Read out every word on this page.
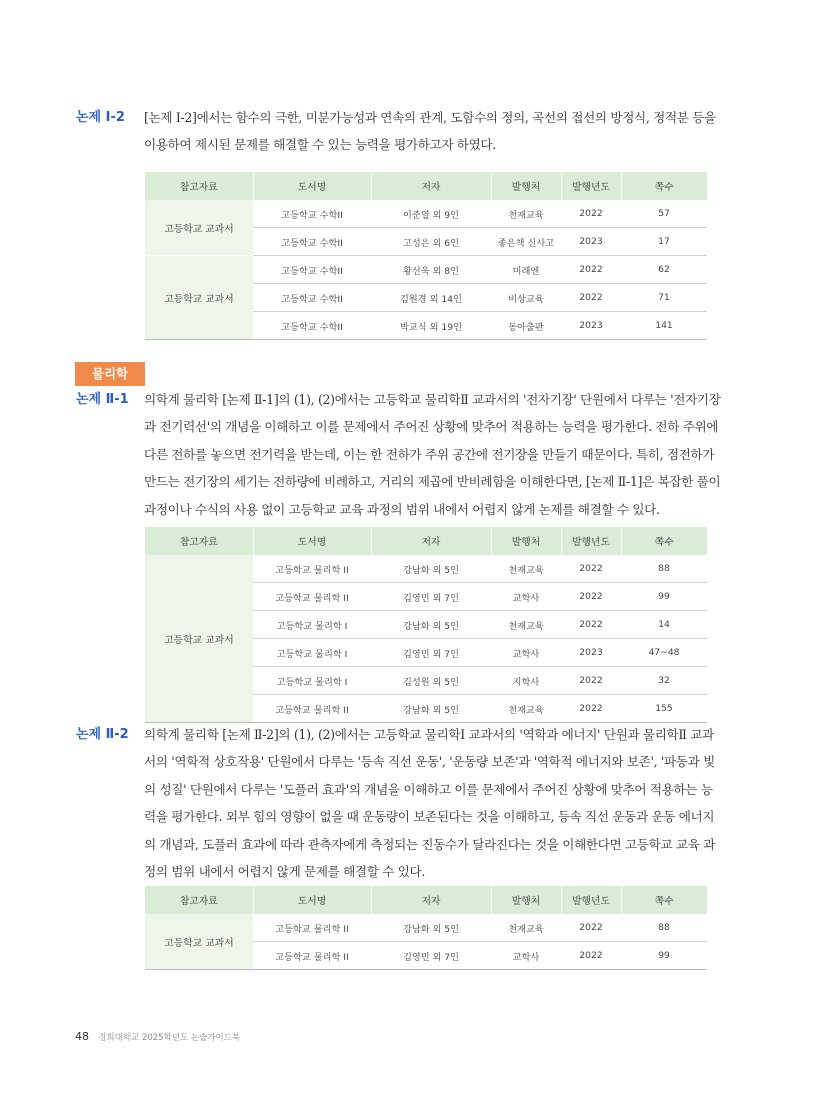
논제 Ⅰ-2	[논제 Ⅰ-2]에서는 함수의 극한, 미분가능성과 연속의 관계, 도함수의 정의, 곡선의 접선의 방정식, 정적분 등을
이용하여 제시된 문제를 해결할 수 있는 능력을 평가하고자 하였다.
참고자료	도서명	저자	발행처	발행년도	쪽수
고등학교 교과서	고등학교 수학II	이준열 외 9인	천재교육	2022	57
	고등학교 수학II	고성은 외 6인	좋은책 신사고	2023	17
고등학교 교과서	고등학교 수학II	황선욱 외 8인	미래엔	2022	62
	고등학교 수학II	김원경 외 14인	비상교육	2022	71
	고등학교 수학II	박교식 외 19인	동아출판	2023	141
물리학
논제 Ⅱ-1	의학계 물리학 [논제 Ⅱ-1]의 (1), (2)에서는 고등학교 물리학Ⅱ 교과서의 '전자기장' 단원에서 다루는 '전자기장
과 전기력선'의 개념을 이해하고 이를 문제에서 주어진 상황에 맞추어 적용하는 능력을 평가한다. 전하 주위에
다른 전하를 놓으면 전기력을 받는데, 이는 한 전하가 주위 공간에 전기장을 만들기 때문이다. 특히, 점전하가
만드는 전기장의 세기는 전하량에 비례하고, 거리의 제곱에 반비례함을 이해한다면, [논제 Ⅱ-1]은 복잡한 풀이
과정이나 수식의 사용 없이 고등학교 교육 과정의 범위 내에서 어렵지 않게 논제를 해결할 수 있다.
참고자료	도서명	저자	발행처	발행년도	쪽수
고등학교 교과서	고등학교 물리학 II	강남화 외 5인	천재교육	2022	88
	고등학교 물리학 II	김영민 외 7인	교학사	2022	99
	고등학교 물리학 I	강남화 외 5인	천재교육	2022	14
	고등학교 물리학 I	김영민 외 7인	교학사	2023	47~48
	고등학교 물리학 I	김성원 외 5인	지학사	2022	32
	고등학교 물리학 II	강남화 외 5인	천재교육	2022	155
논제 Ⅱ-2	의학계 물리학 [논제 Ⅱ-2]의 (1), (2)에서는 고등학교 물리학Ⅰ 교과서의 '역학과 에너지' 단원과 물리학Ⅱ 교과
서의 '역학적 상호작용' 단원에서 다루는 '등속 직선 운동', '운동량 보존'과 '역학적 에너지와 보존', '파동과 빛
의 성질' 단원에서 다루는 '도플러 효과'의 개념을 이해하고 이를 문제에서 주어진 상황에 맞추어 적용하는 능
력을 평가한다. 외부 힘의 영향이 없을 때 운동량이 보존된다는 것을 이해하고, 등속 직선 운동과 운동 에너지
의 개념과, 도플러 효과에 따라 관측자에게 측정되는 진동수가 달라진다는 것을 이해한다면 고등학교 교육 과
정의 범위 내에서 어렵지 않게 문제를 해결할 수 있다.
참고자료	도서명	저자	발행처	발행년도	쪽수
고등학교 교과서	고등학교 물리학 II	강남화 외 5인	천재교육	2022	88
	고등학교 물리학 II	김영민 외 7인	교학사	2022	99
48 경희대학교 2025학년도 논술가이드북
